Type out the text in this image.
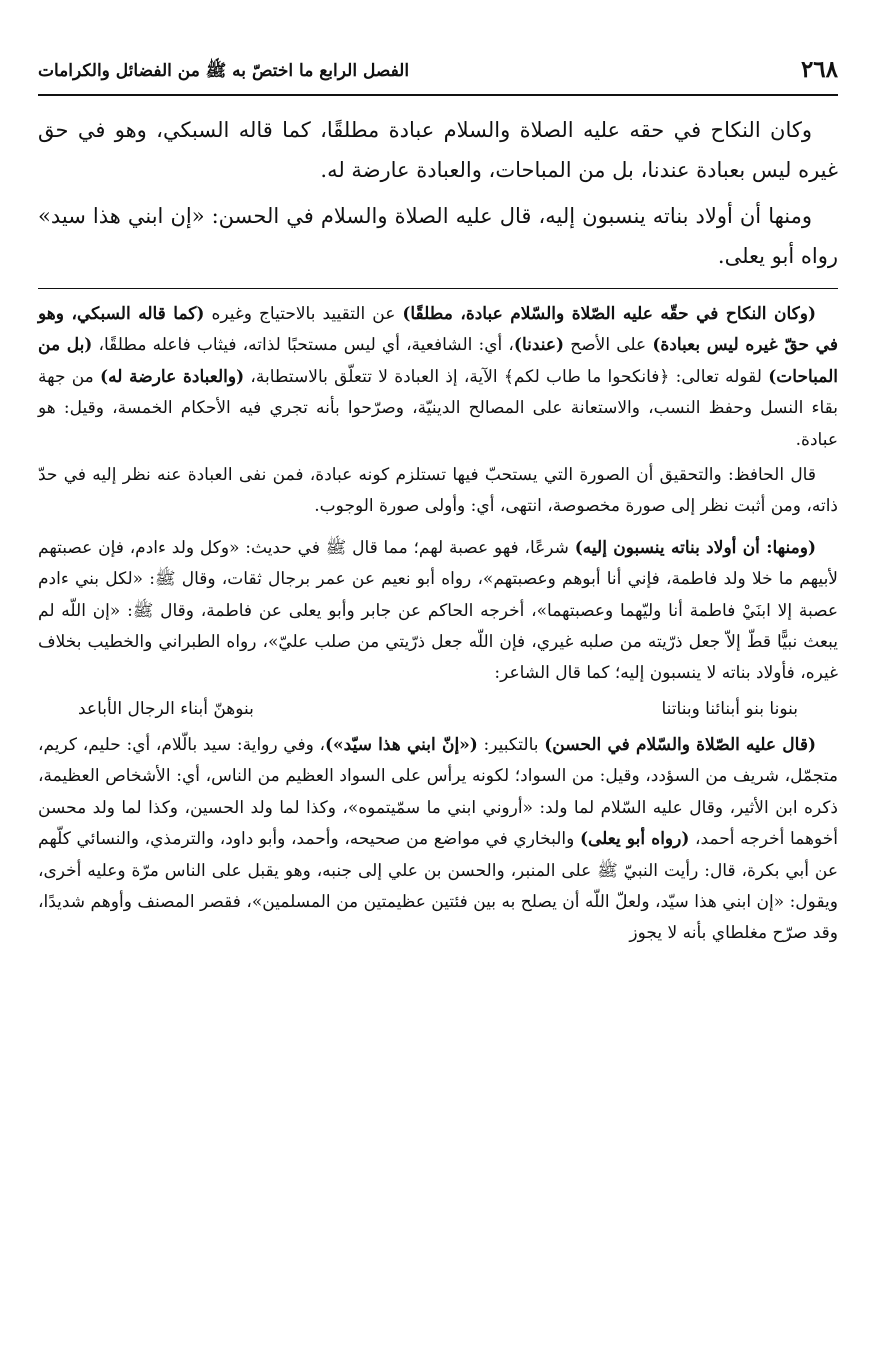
٢٦٨
الفصل الرابع ما اختصّ به ﷺ من الفضائل والكرامات

وكان النكاح في حقه عليه الصلاة والسلام عبادة مطلقًا، كما قاله السبكي، وهو في حق غيره ليس بعبادة عندنا، بل من المباحات، والعبادة عارضة له.

ومنها أن أولاد بناته ينسبون إليه، قال عليه الصلاة والسلام في الحسن: «إن ابني هذا سيد» رواه أبو يعلى.

(وكان النكاح في حقّه عليه الصّلاة والسّلام عبادة، مطلقًا) عن التقييد بالاحتياج وغيره (كما قاله السبكي، وهو في حقّ غيره ليس بعبادة) على الأصح (عندنا)، أي: الشافعية، أي ليس مستحبًا لذاته، فيثاب فاعله مطلقًا، (بل من المباحات) لقوله تعالى: ﴿فانكحوا ما طاب لكم﴾ الآية، إذ العبادة لا تتعلّق بالاستطابة، (والعبادة عارضة له) من جهة بقاء النسل وحفظ النسب، والاستعانة على المصالح الدينيّة، وصرّحوا بأنه تجري فيه الأحكام الخمسة، وقيل: هو عبادة.

قال الحافظ: والتحقيق أن الصورة التي يستحبّ فيها تستلزم كونه عبادة، فمن نفى العبادة عنه نظر إليه في حدّ ذاته، ومن أثبت نظر إلى صورة مخصوصة، انتهى، أي: وأولى صورة الوجوب.

(ومنها: أن أولاد بناته ينسبون إليه) شرعًا، فهو عصبة لهم؛ مما قال ﷺ في حديث: «وكل ولد ءادم، فإن عصبتهم لأبيهم ما خلا ولد فاطمة، فإني أنا أبوهم وعصبتهم»، رواه أبو نعيم عن عمر برجال ثقات، وقال ﷺ: «لكل بني ءادم عصبة إلا ابنَيْ فاطمة أنا وليّهما وعصبتهما»، أخرجه الحاكم عن جابر وأبو يعلى عن فاطمة، وقال ﷺ: «إن اللّه لم يبعث نبيًّا قطّ إلاّ جعل ذرّيته من صلبه غيري، فإن اللّه جعل ذرّيتي من صلب عليّ»، رواه الطبراني والخطيب بخلاف غيره، فأولاد بناته لا ينسبون إليه؛ كما قال الشاعر:

بنونا بنو أبنائنا وبناتنا
بنوهنّ أبناء الرجال الأباعد

(قال عليه الصّلاة والسّلام في الحسن) بالتكبير: («إنّ ابني هذا سيّد»)، وفي رواية: سيد بالّلام، أي: حليم، كريم، متجمّل، شريف من السؤدد، وقيل: من السواد؛ لكونه يرأس على السواد العظيم من الناس، أي: الأشخاص العظيمة، ذكره ابن الأثير، وقال عليه السّلام لما ولد: «أروني ابني ما سمّيتموه»، وكذا لما ولد الحسين، وكذا لما ولد محسن أخوهما أخرجه أحمد، (رواه أبو يعلى) والبخاري في مواضع من صحيحه، وأحمد، وأبو داود، والترمذي، والنسائي كلّهم عن أبي بكرة، قال: رأيت النبيّ ﷺ على المنبر، والحسن بن علي إلى جنبه، وهو يقبل على الناس مرّة وعليه أخرى، ويقول: «إن ابني هذا سيّد، ولعلّ اللّه أن يصلح به بين فئتين عظيمتين من المسلمين»، فقصر المصنف وأوهم شديدًا، وقد صرّح مغلطاي بأنه لا يجوز
